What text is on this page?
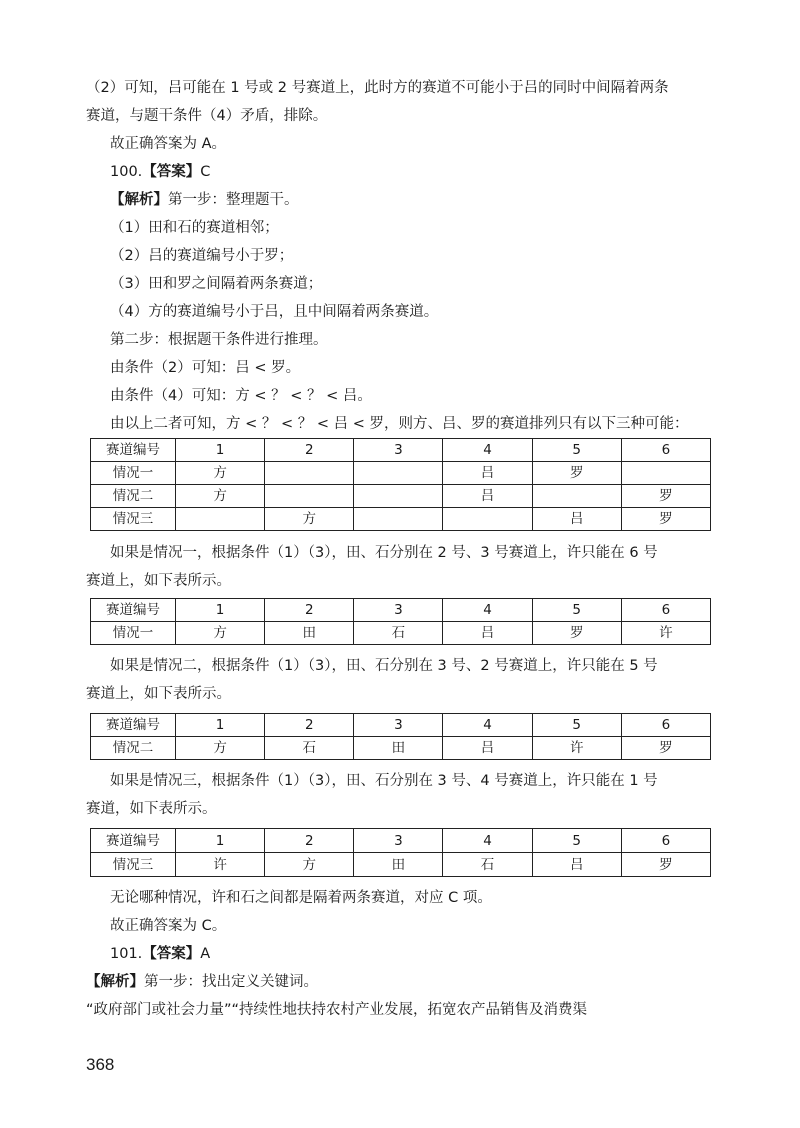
（2）可知，吕可能在 1 号或 2 号赛道上，此时方的赛道不可能小于吕的同时中间隔着两条
赛道，与题干条件（4）矛盾，排除。
故正确答案为 A。
100.【答案】C
【解析】第一步：整理题干。
（1）田和石的赛道相邻；
（2）吕的赛道编号小于罗；
（3）田和罗之间隔着两条赛道；
（4）方的赛道编号小于吕，且中间隔着两条赛道。
第二步：根据题干条件进行推理。
由条件（2）可知：吕 < 罗。
由条件（4）可知：方 < ？ < ？ < 吕。
由以上二者可知，方 < ？ < ？ < 吕 < 罗，则方、吕、罗的赛道排列只有以下三种可能：
赛道编号	1	2	3	4	5	6
情况一	方			吕	罗	
情况二	方			吕		罗
情况三		方			吕	罗
如果是情况一，根据条件（1）（3），田、石分别在 2 号、3 号赛道上，许只能在 6 号
赛道上，如下表所示。
赛道编号	1	2	3	4	5	6
情况一	方	田	石	吕	罗	许
如果是情况二，根据条件（1）（3），田、石分别在 3 号、2 号赛道上，许只能在 5 号
赛道上，如下表所示。
赛道编号	1	2	3	4	5	6
情况二	方	石	田	吕	许	罗
如果是情况三，根据条件（1）（3），田、石分别在 3 号、4 号赛道上，许只能在 1 号
赛道，如下表所示。
赛道编号	1	2	3	4	5	6
情况三	许	方	田	石	吕	罗
无论哪种情况，许和石之间都是隔着两条赛道，对应 C 项。
故正确答案为 C。
101.【答案】A
【解析】第一步：找出定义关键词。
“政府部门或社会力量”“持续性地扶持农村产业发展，拓宽农产品销售及消费渠
368
